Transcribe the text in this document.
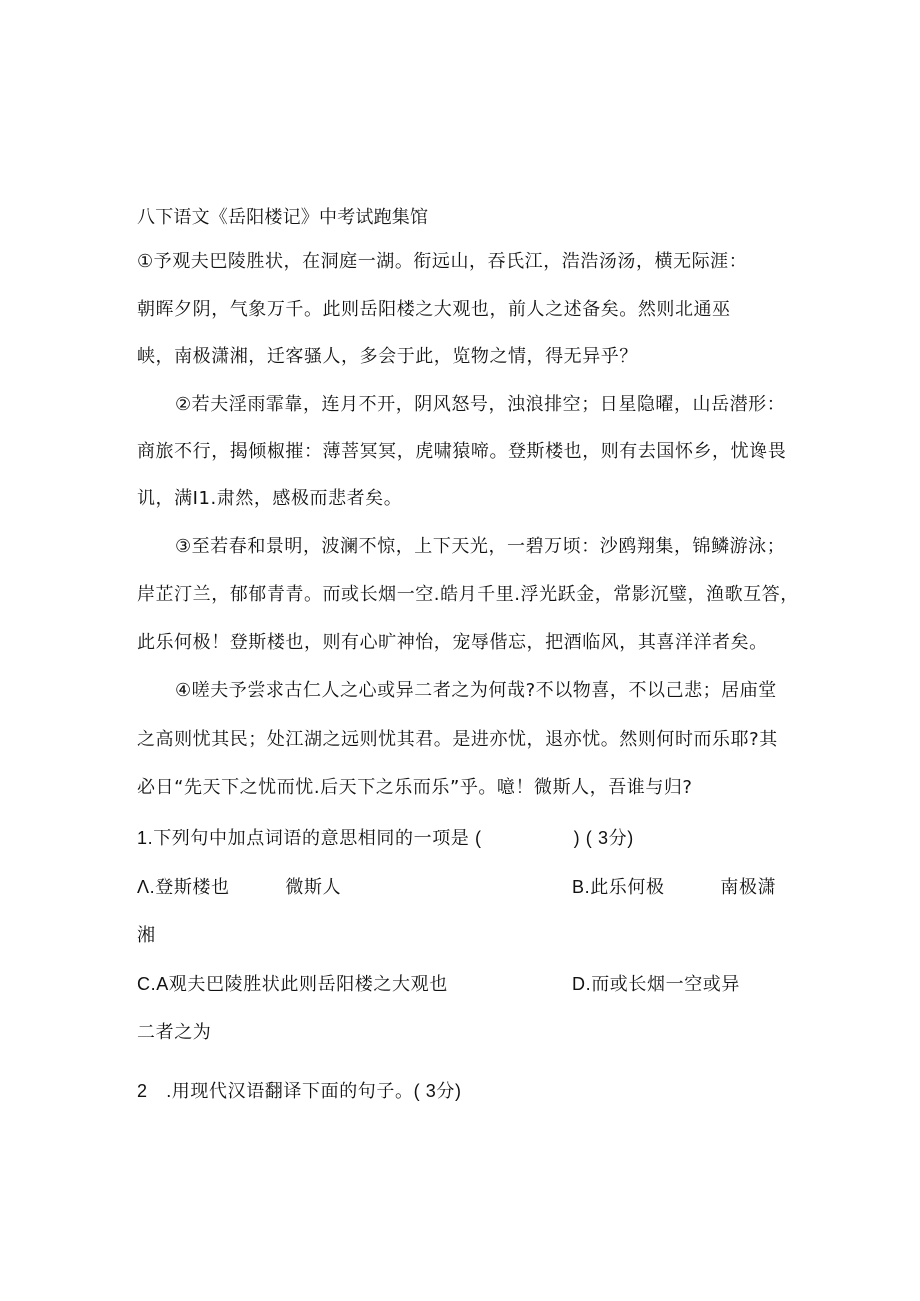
八下语文《岳阳楼记》中考试跑集馆
①予观夫巴陵胜状，在洞庭一湖。衔远山，吞氏江，浩浩汤汤，横无际涯：
朝晖夕阴，气象万千。此则岳阳楼之大观也，前人之述备矣。然则北通巫
峡，南极潇湘，迁客骚人，多会于此，览物之情，得无异乎？
②若夫淫雨霏靠，连月不开，阴风怒号，浊浪排空；日星隐曜，山岳潜形：
商旅不行，揭倾椒摧：薄菩冥冥，虎啸猿啼。登斯楼也，则有去国怀乡，忧谗畏
讥，满I1.肃然，感极而悲者矣。
③至若春和景明，波澜不惊，上下天光，一碧万顷：沙鸥翔集，锦鳞游泳；
岸芷汀兰，郁郁青青。而或长烟一空.皓月千里.浮光跃金，常影沉璧，渔歌互答，
此乐何极！登斯楼也，则有心旷神怡，宠辱偕忘，把酒临风，其喜洋洋者矣。
④嗟夫予尝求古仁人之心或异二者之为何哉?不以物喜，不以己悲；居庙堂
之高则忧其民；处江湖之远则忧其君。是进亦忧，退亦忧。然则何时而乐耶?其
必日“先天下之忧而忧.后天下之乐而乐”乎。噫！微斯人，吾谁与归?
1.下列句中加点词语的意思相同的一项是 (	) ( 3分)
Λ.登斯楼也　　　微斯人	B.此乐何极　　　南极潇
湘
C.A观夫巴陵胜状此则岳阳楼之大观也	D.而或长烟一空或异
二者之为
2　.用现代汉语翻译下面的句子。( 3分)
